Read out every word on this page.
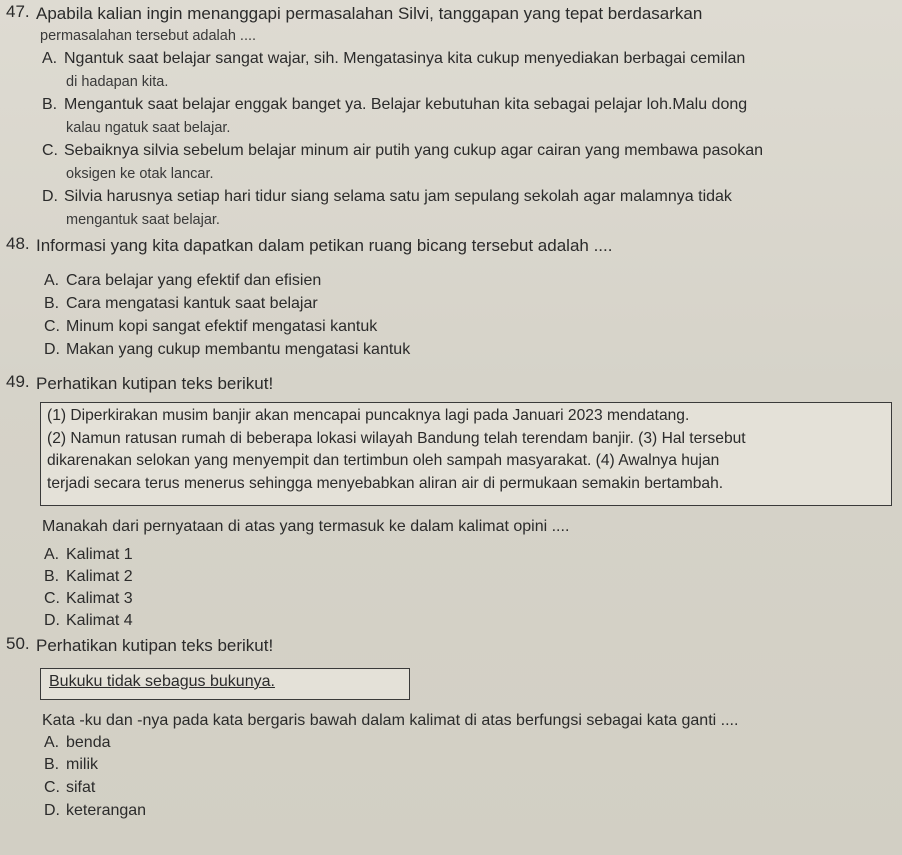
47. Apabila kalian ingin menanggapi permasalahan Silvi, tanggapan yang tepat berdasarkan
permasalahan tersebut adalah ....
A. Ngantuk saat belajar sangat wajar, sih. Mengatasinya kita cukup menyediakan berbagai cemilan
di hadapan kita.
B. Mengantuk saat belajar enggak banget ya. Belajar kebutuhan kita sebagai pelajar loh.Malu dong
kalau ngatuk saat belajar.
C. Sebaiknya silvia sebelum belajar minum air putih yang cukup agar cairan yang membawa pasokan
oksigen ke otak lancar.
D. Silvia harusnya setiap hari tidur siang selama satu jam sepulang sekolah agar malamnya tidak
mengantuk saat belajar.
48. Informasi yang kita dapatkan dalam petikan ruang bicang tersebut adalah ....
A. Cara belajar yang efektif dan efisien
B. Cara mengatasi kantuk saat belajar
C. Minum kopi sangat efektif mengatasi kantuk
D. Makan yang cukup membantu mengatasi kantuk
49. Perhatikan kutipan teks berikut!

(1) Diperkirakan musim banjir akan mencapai puncaknya lagi pada Januari 2023 mendatang.

(2) Namun ratusan rumah di beberapa lokasi wilayah Bandung telah terendam banjir. (3) Hal tersebut

dikarenakan selokan yang menyempit dan tertimbun oleh sampah masyarakat. (4) Awalnya hujan

terjadi secara terus menerus sehingga menyebabkan aliran air di permukaan semakin bertambah.

Manakah dari pernyataan di atas yang termasuk ke dalam kalimat opini ....
A. Kalimat 1
B. Kalimat 2
C. Kalimat 3
D. Kalimat 4
50. Perhatikan kutipan teks berikut!
Bukuku tidak sebagus bukunya.
Kata -ku dan -nya pada kata bergaris bawah dalam kalimat di atas berfungsi sebagai kata ganti ....
A. benda
B. milik
C. sifat
D. keterangan
